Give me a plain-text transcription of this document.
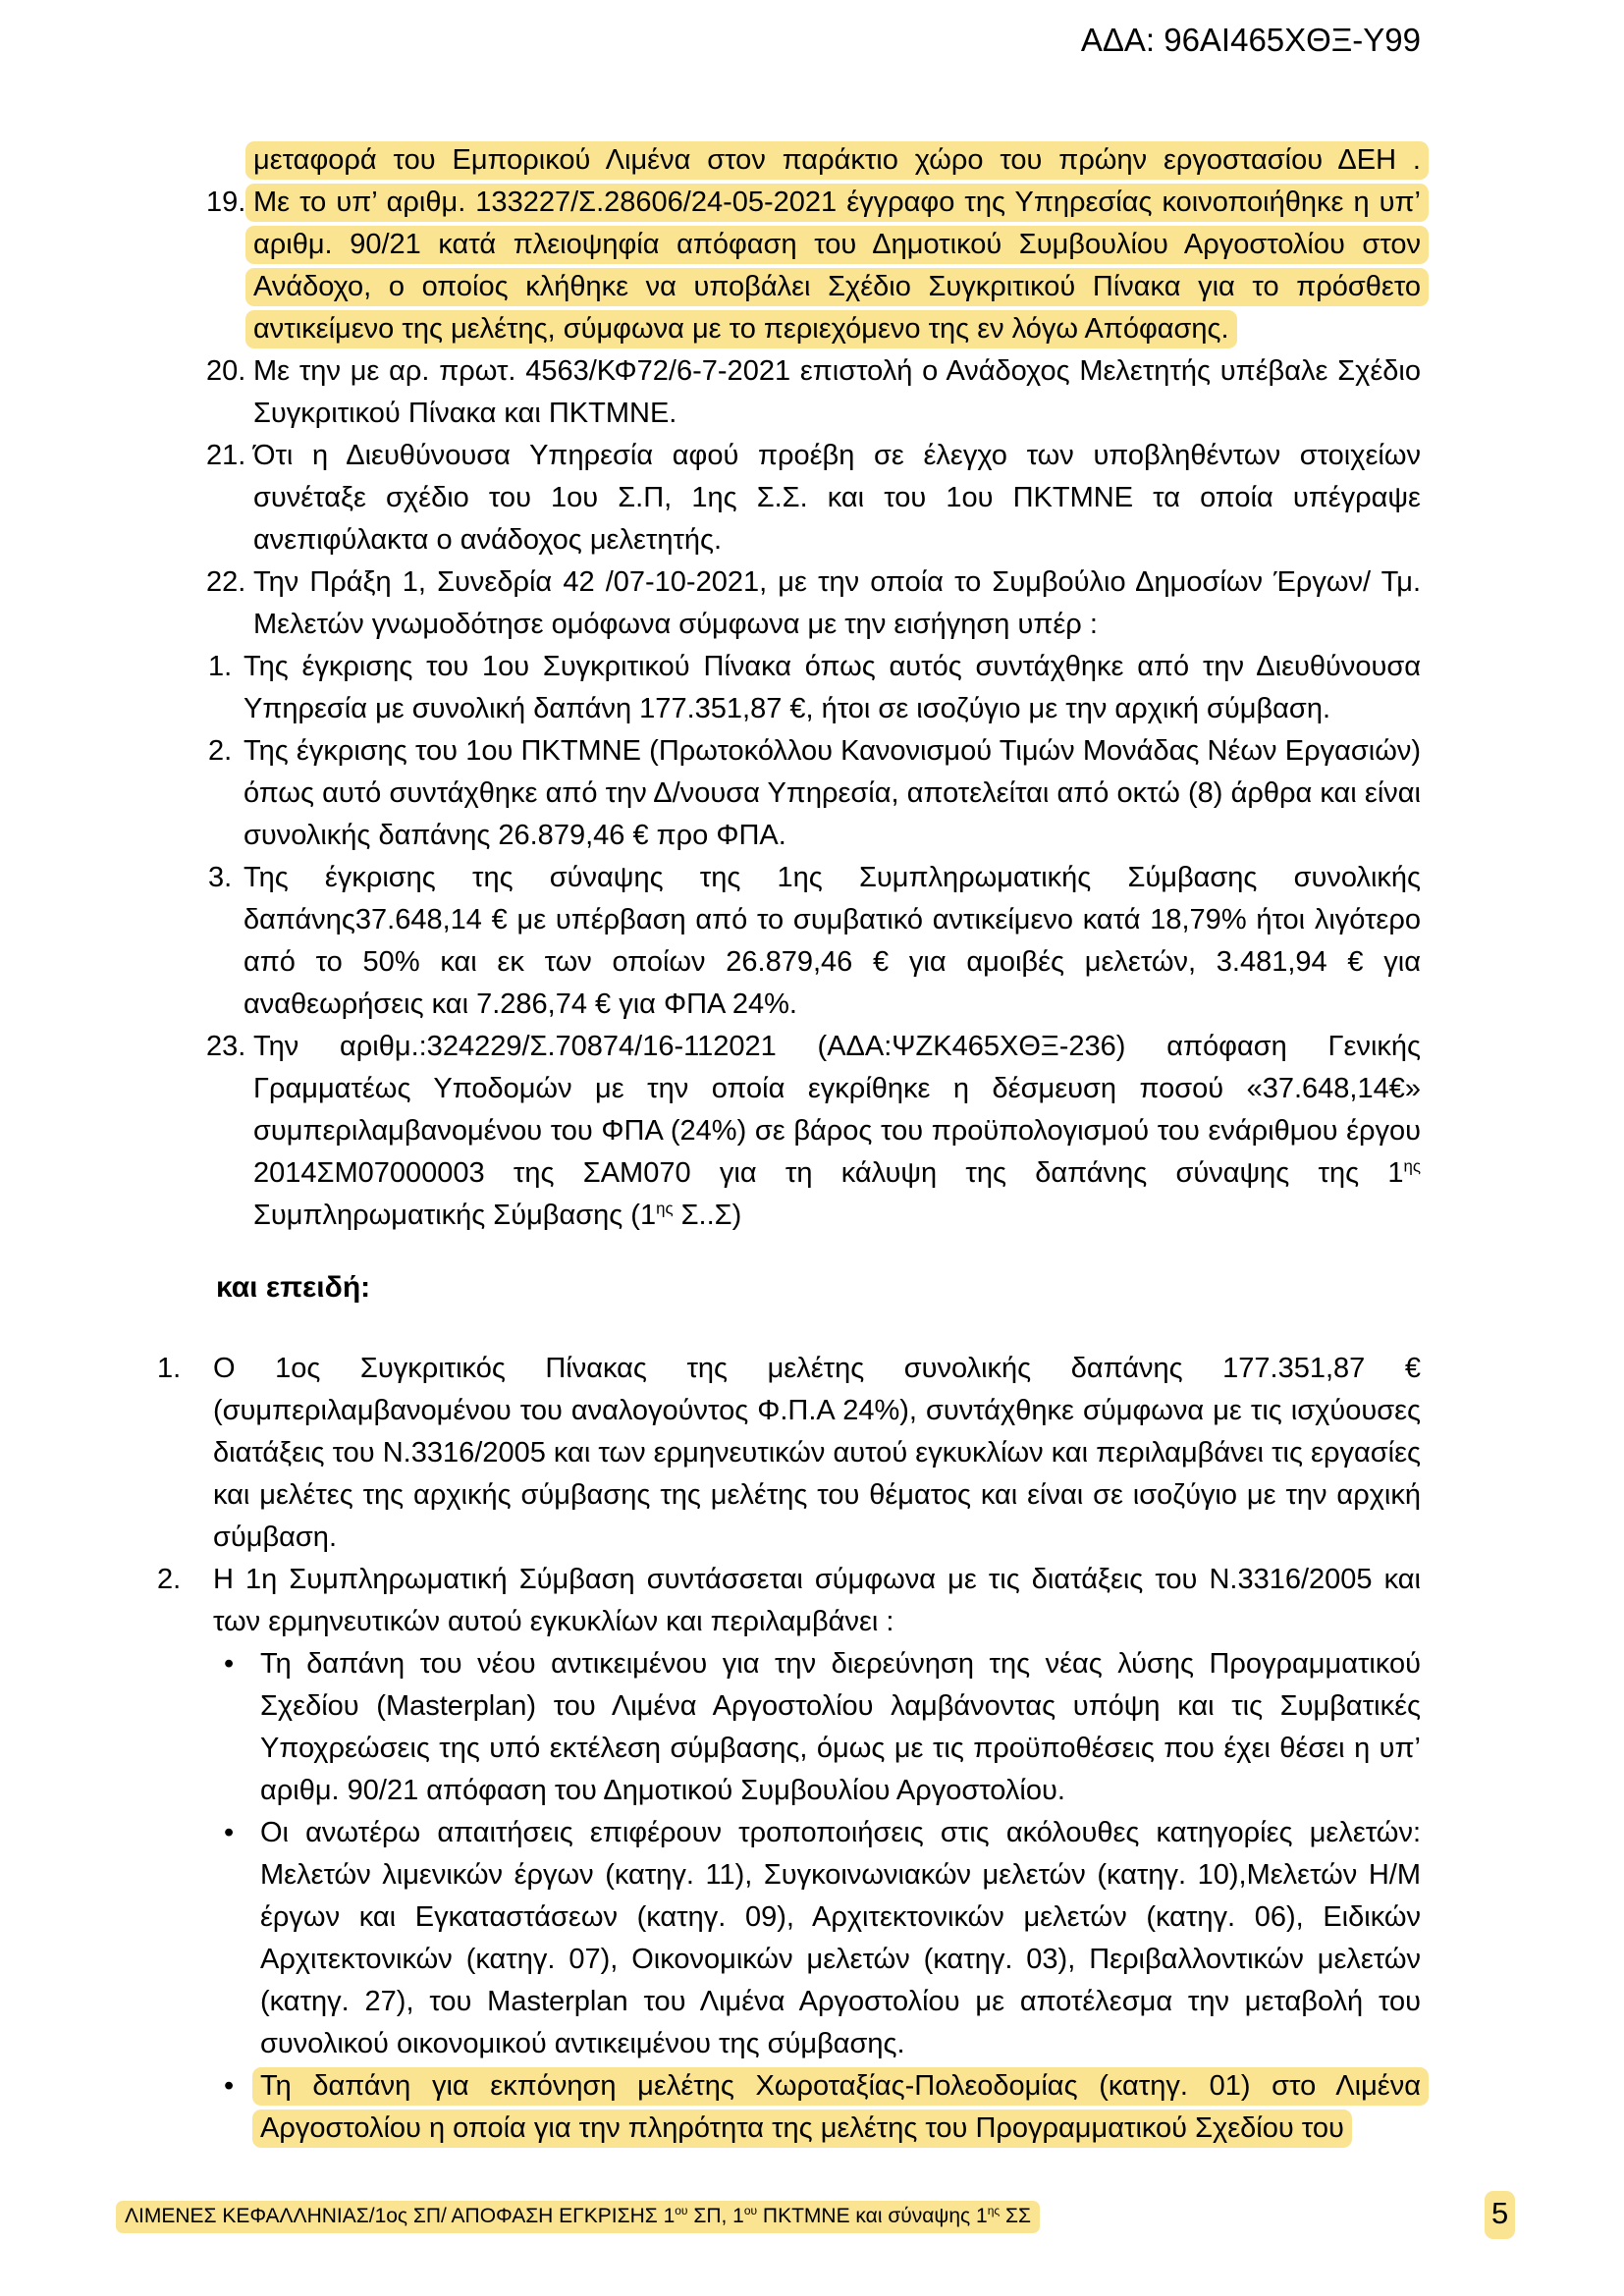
ΑΔΑ: 96ΑΙ465ΧΘΞ-Υ99
μεταφορά του Εμπορικού Λιμένα στον παράκτιο χώρο του πρώην εργοστασίου ΔΕΗ .
19. Με το υπ’ αριθμ. 133227/Σ.28606/24-05-2021 έγγραφο της Υπηρεσίας κοινοποιήθηκε η υπ’ αριθμ. 90/21 κατά πλειοψηφία απόφαση του Δημοτικού Συμβουλίου Αργοστολίου στον Ανάδοχο, ο οποίος κλήθηκε να υποβάλει Σχέδιο Συγκριτικού Πίνακα για το πρόσθετο αντικείμενο της μελέτης, σύμφωνα με το περιεχόμενο της εν λόγω Απόφασης.
20. Με την με αρ. πρωτ. 4563/ΚΦ72/6-7-2021 επιστολή ο Ανάδοχος Μελετητής υπέβαλε Σχέδιο Συγκριτικού Πίνακα και ΠΚΤΜΝΕ.
21. Ότι η Διευθύνουσα Υπηρεσία αφού προέβη σε έλεγχο των υποβληθέντων στοιχείων συνέταξε σχέδιο του 1ου Σ.Π, 1ης Σ.Σ. και του 1ου ΠΚΤΜΝΕ τα οποία υπέγραψε ανεπιφύλακτα ο ανάδοχος μελετητής.
22. Την Πράξη 1, Συνεδρία 42 /07-10-2021, με την οποία το Συμβούλιο Δημοσίων Έργων/ Τμ. Μελετών γνωμοδότησε ομόφωνα σύμφωνα με την εισήγηση υπέρ :
1. Της έγκρισης του 1ου Συγκριτικού Πίνακα όπως αυτός συντάχθηκε από την Διευθύνουσα Υπηρεσία με συνολική δαπάνη 177.351,87 €, ήτοι σε ισοζύγιο με την αρχική σύμβαση.
2. Της έγκρισης του 1ου ΠΚΤΜΝΕ (Πρωτοκόλλου Κανονισμού Τιμών Μονάδας Νέων Εργασιών) όπως αυτό συντάχθηκε από την Δ/νουσα Υπηρεσία, αποτελείται από οκτώ (8) άρθρα και είναι συνολικής δαπάνης 26.879,46 € προ ΦΠΑ.
3. Της έγκρισης της σύναψης της 1ης Συμπληρωματικής Σύμβασης συνολικής δαπάνης37.648,14 € με υπέρβαση από το συμβατικό αντικείμενο κατά 18,79% ήτοι λιγότερο από το 50% και εκ των οποίων 26.879,46 € για αμοιβές μελετών, 3.481,94 € για αναθεωρήσεις και 7.286,74 € για ΦΠΑ 24%.
23. Την αριθμ.:324229/Σ.70874/16-112021 (ΑΔΑ:ΨΖΚ465ΧΘΞ-236) απόφαση Γενικής Γραμματέως Υποδομών με την οποία εγκρίθηκε η δέσμευση ποσού «37.648,14€» συμπεριλαμβανομένου του ΦΠΑ (24%) σε βάρος του προϋπολογισμού του ενάριθμου έργου 2014ΣΜ07000003 της ΣΑΜ070 για τη κάλυψη της δαπάνης σύναψης της $1^{\eta\varsigma}$ Συμπληρωματικής Σύμβασης ($1^{\eta\varsigma}$ Σ..Σ)
και επειδή:
1. Ο 1ος Συγκριτικός Πίνακας της μελέτης συνολικής δαπάνης 177.351,87 € (συμπεριλαμβανομένου του αναλογούντος Φ.Π.Α 24%), συντάχθηκε σύμφωνα με τις ισχύουσες διατάξεις του Ν.3316/2005 και των ερμηνευτικών αυτού εγκυκλίων και περιλαμβάνει τις εργασίες και μελέτες της αρχικής σύμβασης της μελέτης του θέματος και είναι σε ισοζύγιο με την αρχική σύμβαση.
2. Η 1η Συμπληρωματική Σύμβαση συντάσσεται σύμφωνα με τις διατάξεις του Ν.3316/2005 και των ερμηνευτικών αυτού εγκυκλίων και περιλαμβάνει :
• Τη δαπάνη του νέου αντικειμένου για την διερεύνηση της νέας λύσης Προγραμματικού Σχεδίου (Masterplan) του Λιμένα Αργοστολίου λαμβάνοντας υπόψη και τις Συμβατικές Υποχρεώσεις της υπό εκτέλεση σύμβασης, όμως με τις προϋποθέσεις που έχει θέσει η υπ’ αριθμ. 90/21 απόφαση του Δημοτικού Συμβουλίου Αργοστολίου.
• Οι ανωτέρω απαιτήσεις επιφέρουν τροποποιήσεις στις ακόλουθες κατηγορίες μελετών: Μελετών λιμενικών έργων (κατηγ. 11), Συγκοινωνιακών μελετών (κατηγ. 10),Μελετών Η/Μ έργων και Εγκαταστάσεων (κατηγ. 09), Αρχιτεκτονικών μελετών (κατηγ. 06), Ειδικών Αρχιτεκτονικών (κατηγ. 07), Οικονομικών μελετών (κατηγ. 03), Περιβαλλοντικών μελετών (κατηγ. 27), του Masterplan του Λιμένα Αργοστολίου με αποτέλεσμα την μεταβολή του συνολικού οικονομικού αντικειμένου της σύμβασης.
• Τη δαπάνη για εκπόνηση μελέτης Χωροταξίας-Πολεοδομίας (κατηγ. 01) στο Λιμένα Αργοστολίου η οποία για την πληρότητα της μελέτης του Προγραμματικού Σχεδίου του
ΛΙΜΕΝΕΣ ΚΕΦΑΛΛΗΝΙΑΣ/1ος ΣΠ/ ΑΠΟΦΑΣΗ ΕΓΚΡΙΣΗΣ $1^{o\upsilon}$ ΣΠ, $1^{o\upsilon}$ ΠΚΤΜΝΕ και σύναψης $1^{\eta\varsigma}$ ΣΣ	5
